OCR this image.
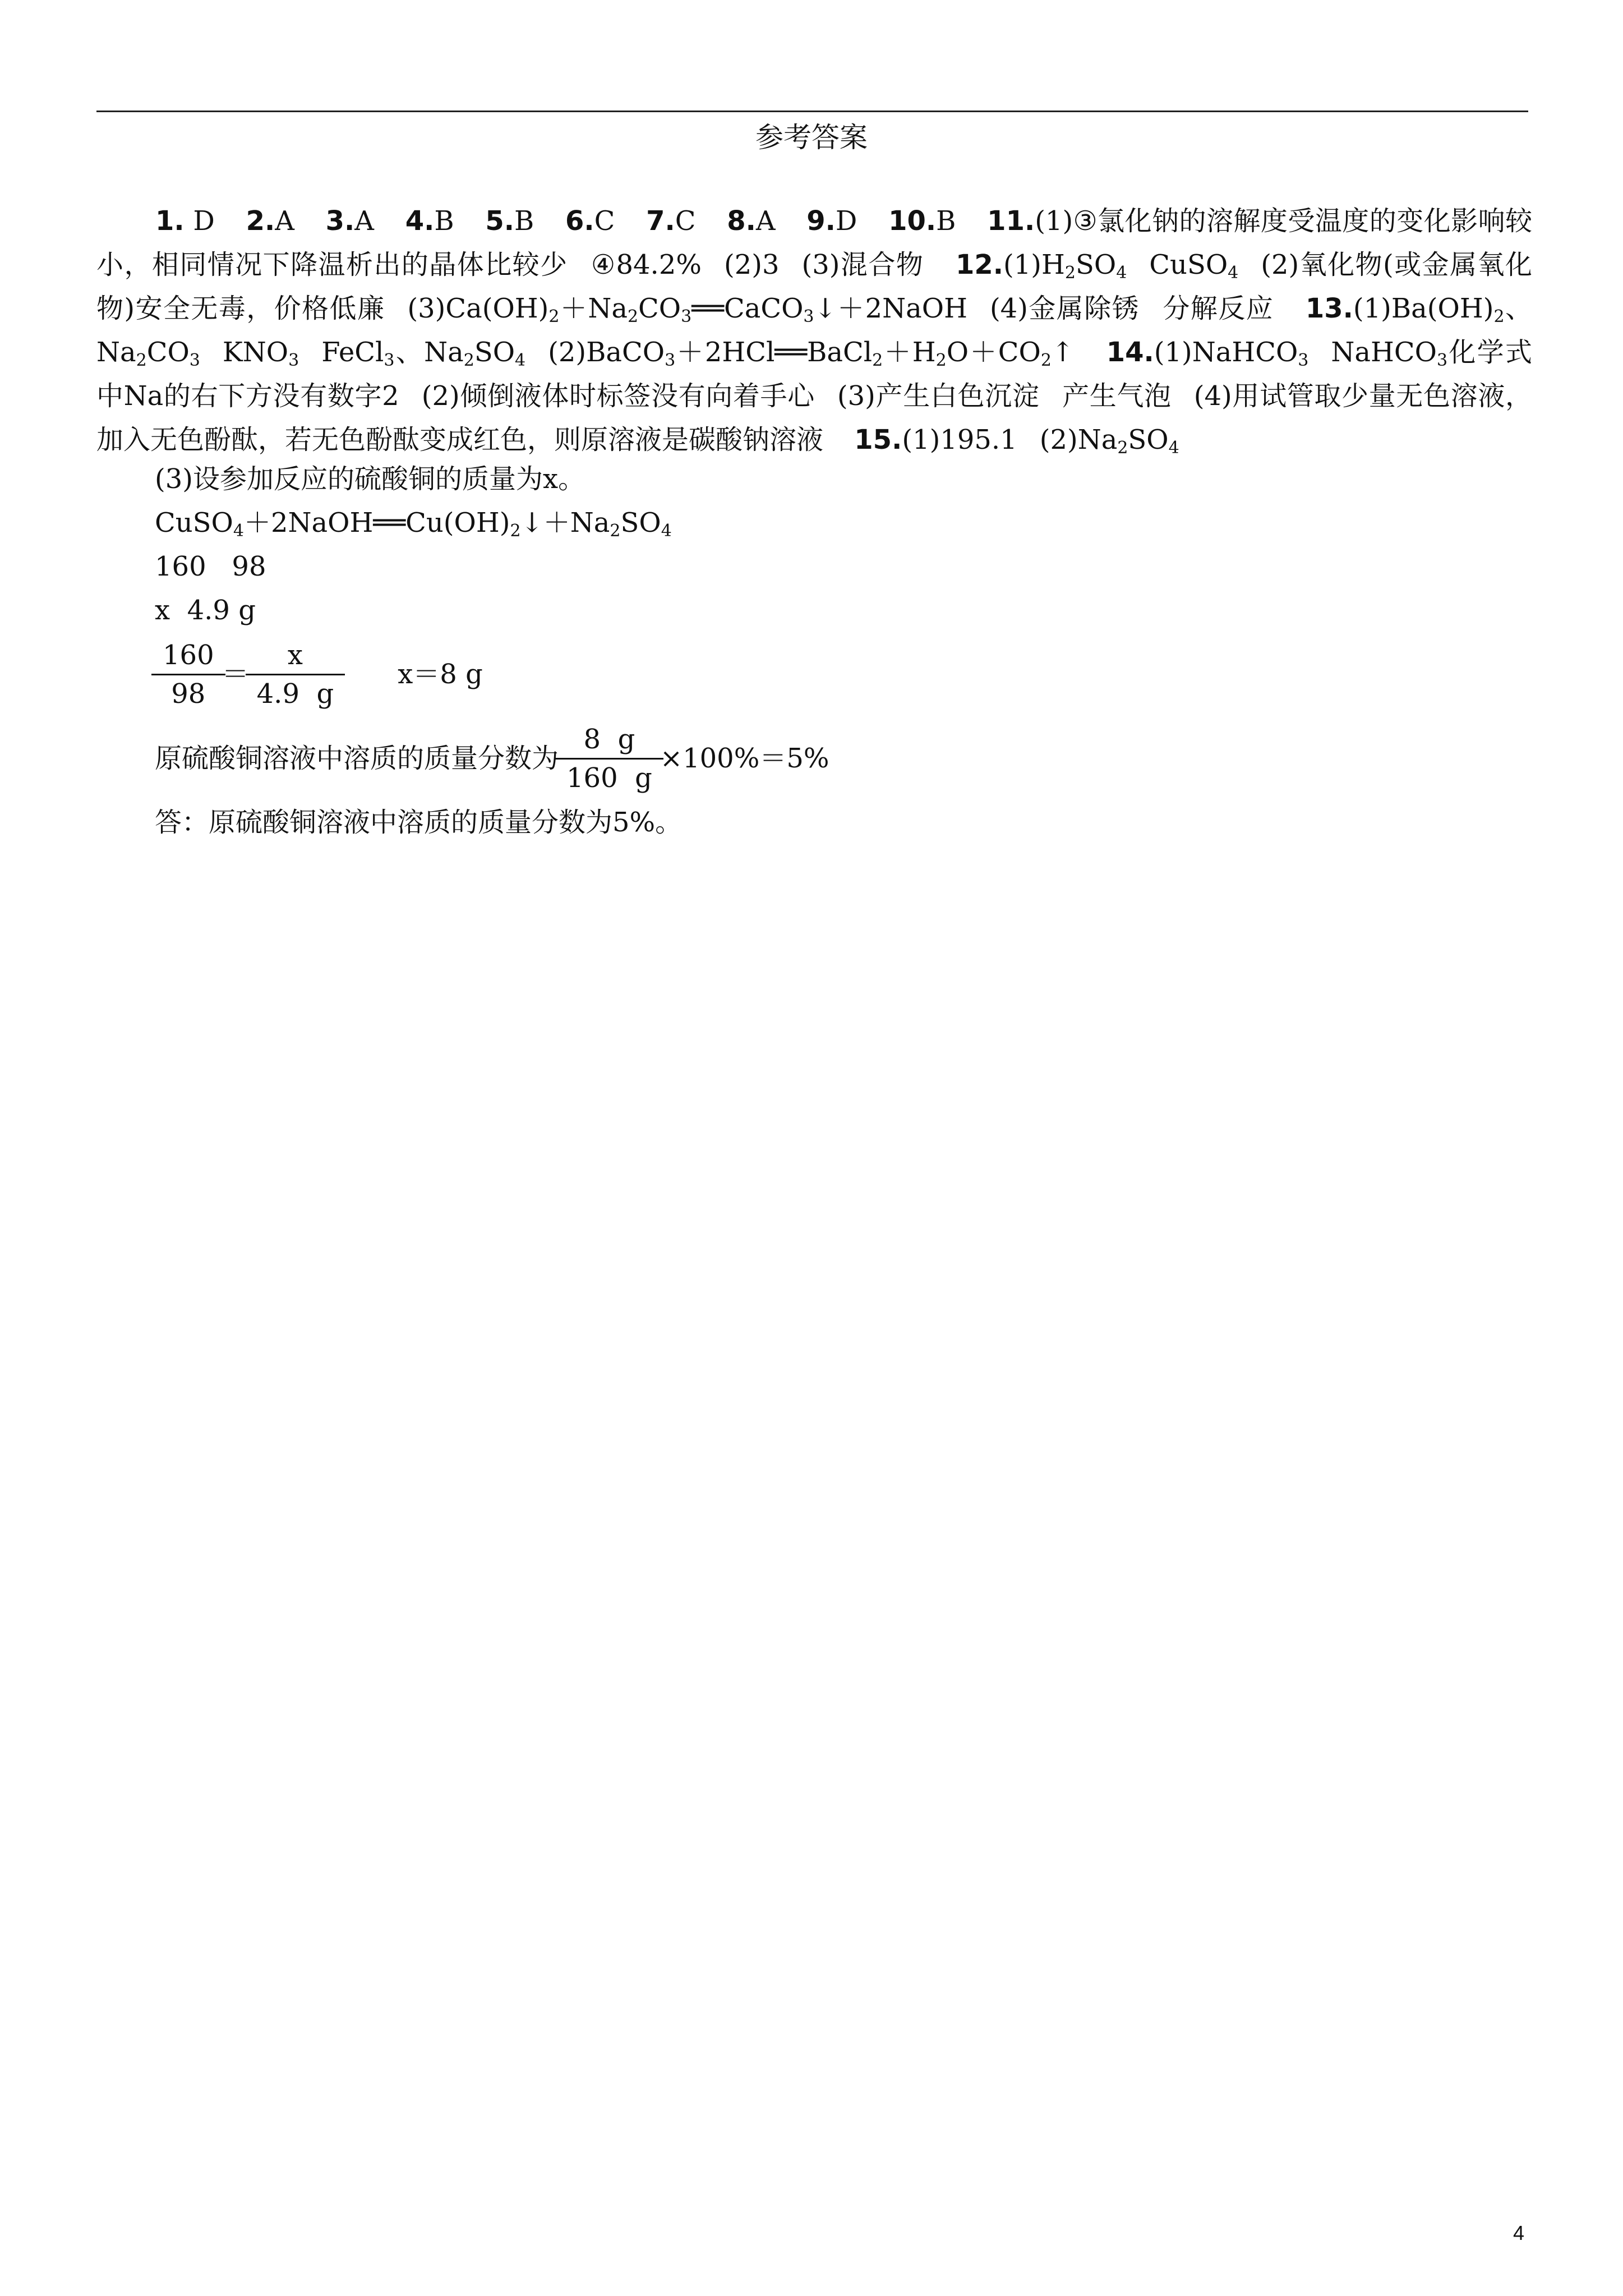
参考答案

1. D 2.A 3.A 4.B 5.B 6.C 7.C 8.A 9.D 10.B 11.(1)③氯化钠的溶解度受温度的变化影响较小，相同情况下降温析出的晶体比较少 ④84.2% (2)3 (3)混合物 $12.(1)H_2SO_4$ CuSO$_4$ (2)氧化物(或金属氧化物)安全无毒，价格低廉 $(3)Ca(OH)_2+Na_2CO_3══CaCO_3↓+2NaOH$ (4)金属除锈 分解反应 $13.(1)Ba(OH)_2$、$Na_2CO_3$ $KNO_3$ FeCl$_3$、$Na_2SO_4$ $(2)BaCO_3+2HCl══BaCl_2+H_2O+CO_2↑$ 14.(1)NaHCO$_3$ NaHCO$_3$化学式中Na的右下方没有数字2 (2)倾倒液体时标签没有向着手心 (3)产生白色沉淀 产生气泡 (4)用试管取少量无色溶液，加入无色酚酞，若无色酚酞变成红色，则原溶液是碳酸钠溶液 15.(1)195.1 $(2)Na_2SO_4$

(3)设参加反应的硫酸铜的质量为x。
$CuSO_4+2NaOH══Cu(OH)_2↓+Na_2SO_4$
160 98
x 4.9 g
$\frac{160}{98} = \frac{x}{4.9 g} x=8$ g
原硫酸铜溶液中溶质的质量分数为 $\frac{8 g}{160 g} \times 100\%=5\%$
答：原硫酸铜溶液中溶质的质量分数为5%。
4
